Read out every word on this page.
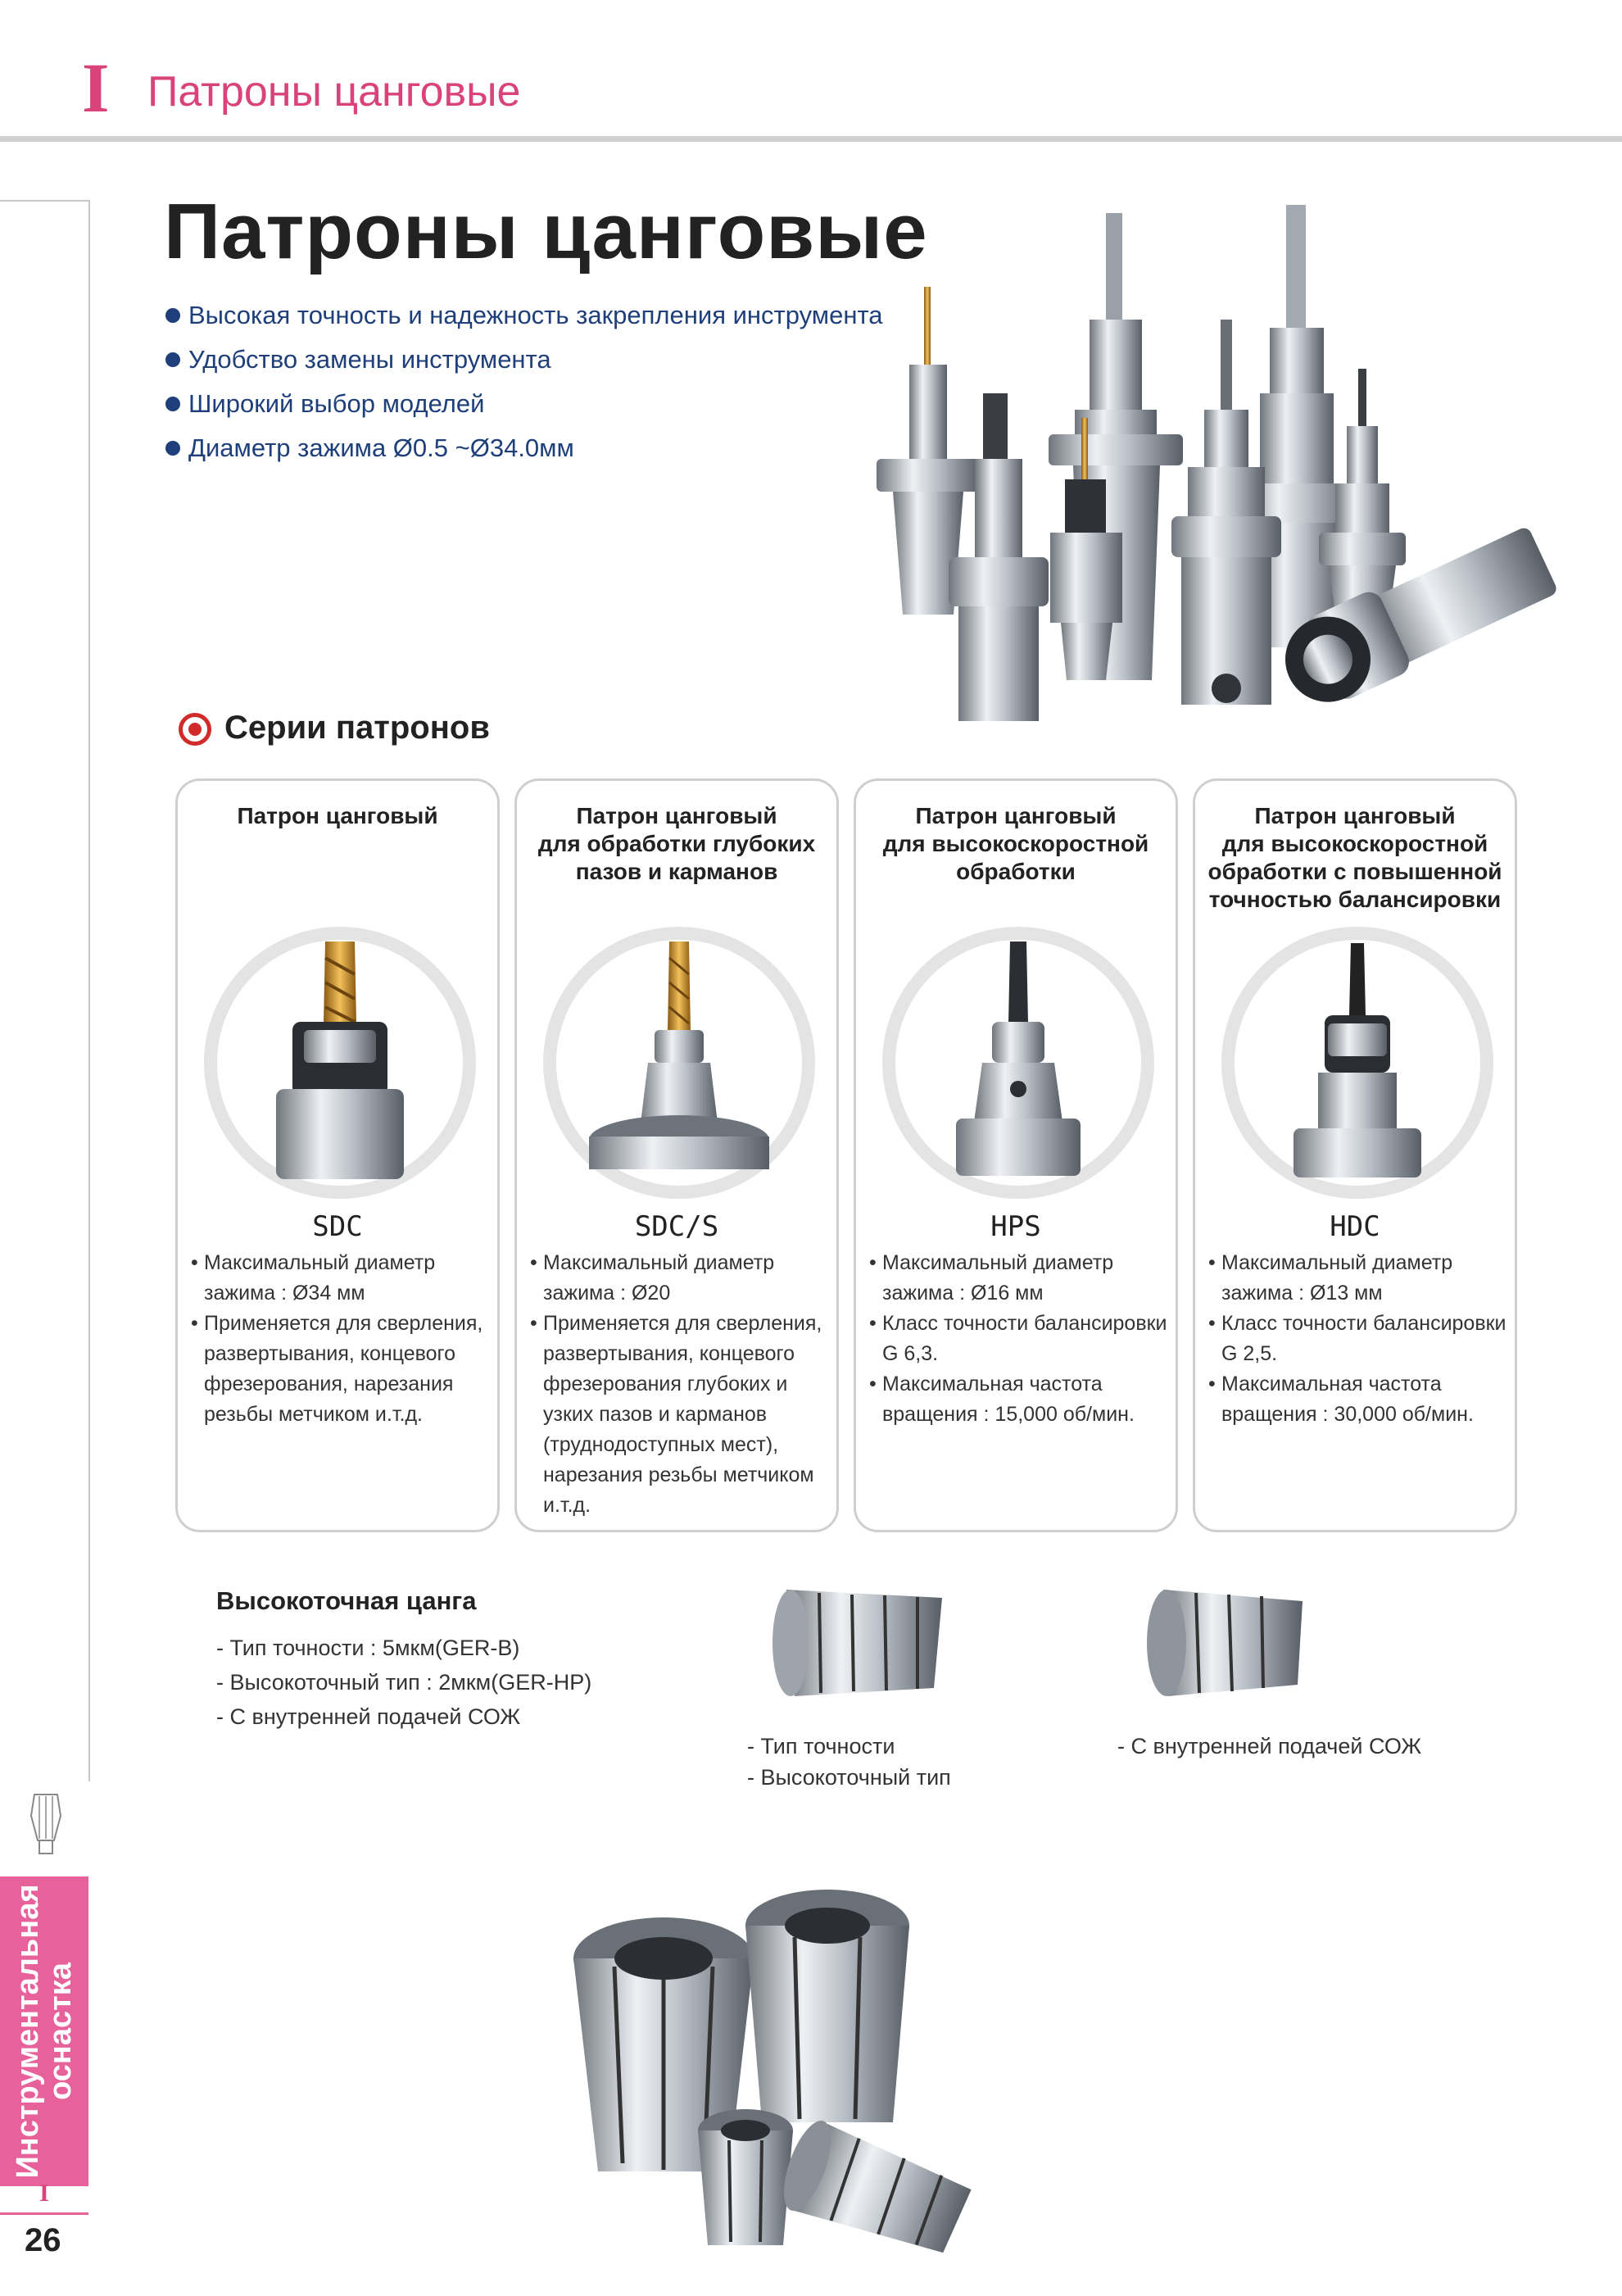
I Патроны цанговые
Инструментальная
оснастка
I
26
Патроны цанговые
Высокая точность и надежность закрепления инструмента
Удобство замены инструмента
Широкий выбор моделей
Диаметр зажима Ø0.5 ~Ø34.0мм
Серии патронов
Патрон цанговый
SDC
• Максимальный диаметр зажима : Ø34 мм
• Применяется для сверления, развертывания, концевого фрезерования, нарезания резьбы метчиком и.т.д.
Патрон цанговый
для обработки глубоких
пазов и карманов
SDC/S
• Максимальный диаметр зажима : Ø20
• Применяется для сверления, развертывания, концевого фрезерования глубоких и узких пазов и карманов (труднодоступных мест), нарезания резьбы метчиком и.т.д.
Патрон цанговый
для высокоскоростной
обработки
HPS
• Максимальный диаметр зажима : Ø16 мм
• Класс точности балансировки G 6,3.
• Максимальная частота вращения : 15,000 об/мин.
Патрон цанговый
для высокоскоростной
обработки с повышенной
точностью балансировки
HDC
• Максимальный диаметр зажима : Ø13 мм
• Класс точности балансировки G 2,5.
• Максимальная частота вращения : 30,000 об/мин.
Высокоточная цанга
- Тип точности : 5мкм(GER-B)
- Высокоточный тип : 2мкм(GER-HP)
- С внутренней подачей СОЖ
- Тип точности
- Высокоточный тип
- С внутренней подачей СОЖ
